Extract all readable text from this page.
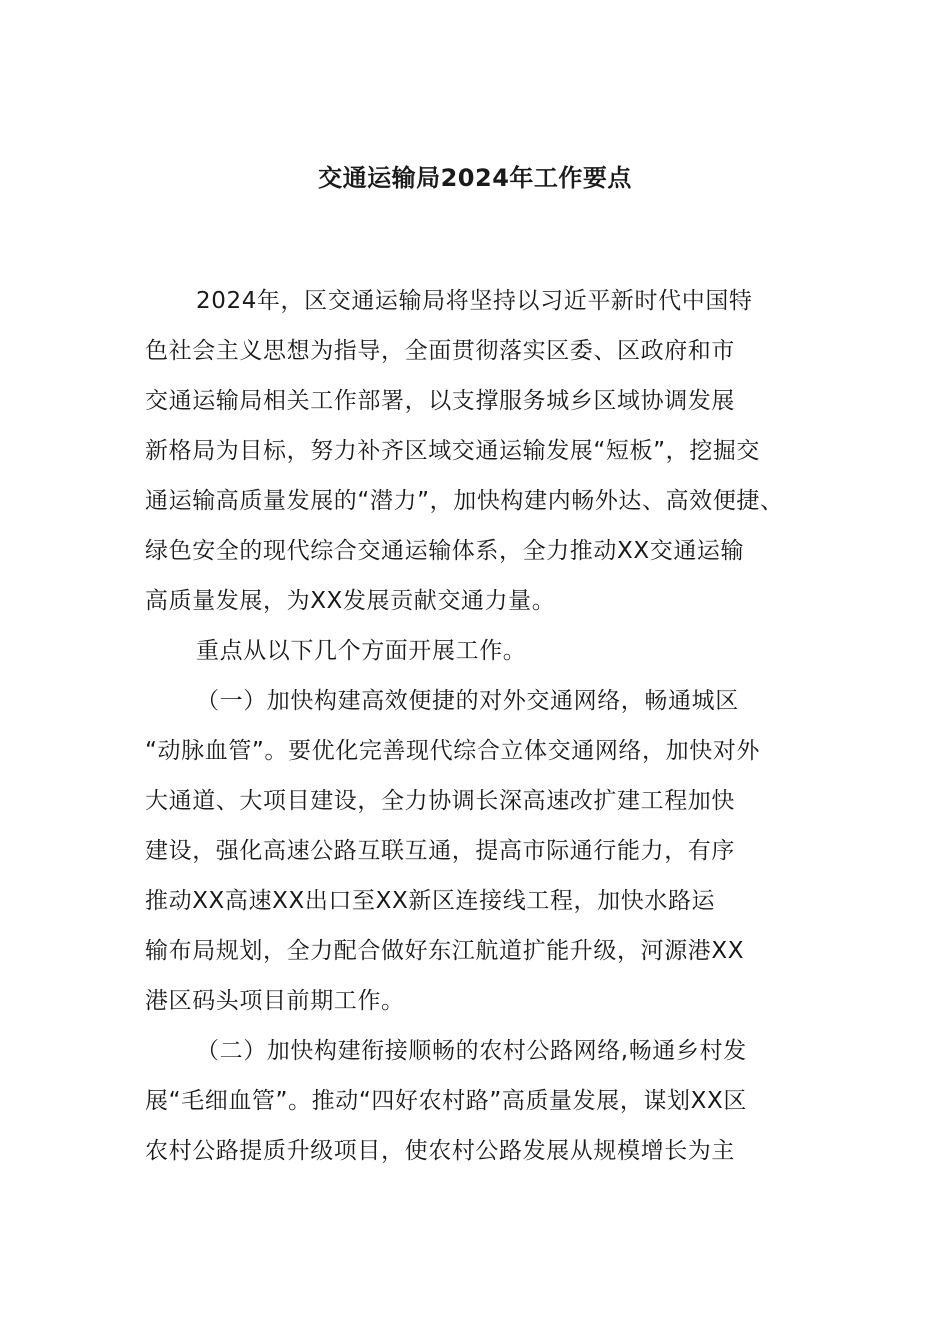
交通运输局2024年工作要点
2024年，区交通运输局将坚持以习近平新时代中国特
色社会主义思想为指导，全面贯彻落实区委、区政府和市
交通运输局相关工作部署，以支撑服务城乡区域协调发展
新格局为目标，努力补齐区域交通运输发展“短板”，挖掘交
通运输高质量发展的“潜力”，加快构建内畅外达、高效便捷、
绿色安全的现代综合交通运输体系，全力推动XX交通运输
高质量发展，为XX发展贡献交通力量。
重点从以下几个方面开展工作。
（一）加快构建高效便捷的对外交通网络，畅通城区
“动脉血管”。要优化完善现代综合立体交通网络，加快对外
大通道、大项目建设，全力协调长深高速改扩建工程加快
建设，强化高速公路互联互通，提高市际通行能力，有序
推动XX高速XX出口至XX新区连接线工程，加快水路运
输布局规划，全力配合做好东江航道扩能升级，河源港XX
港区码头项目前期工作。
（二）加快构建衔接顺畅的农村公路网络,畅通乡村发
展“毛细血管”。推动“四好农村路”高质量发展，谋划XX区
农村公路提质升级项目，使农村公路发展从规模增长为主
